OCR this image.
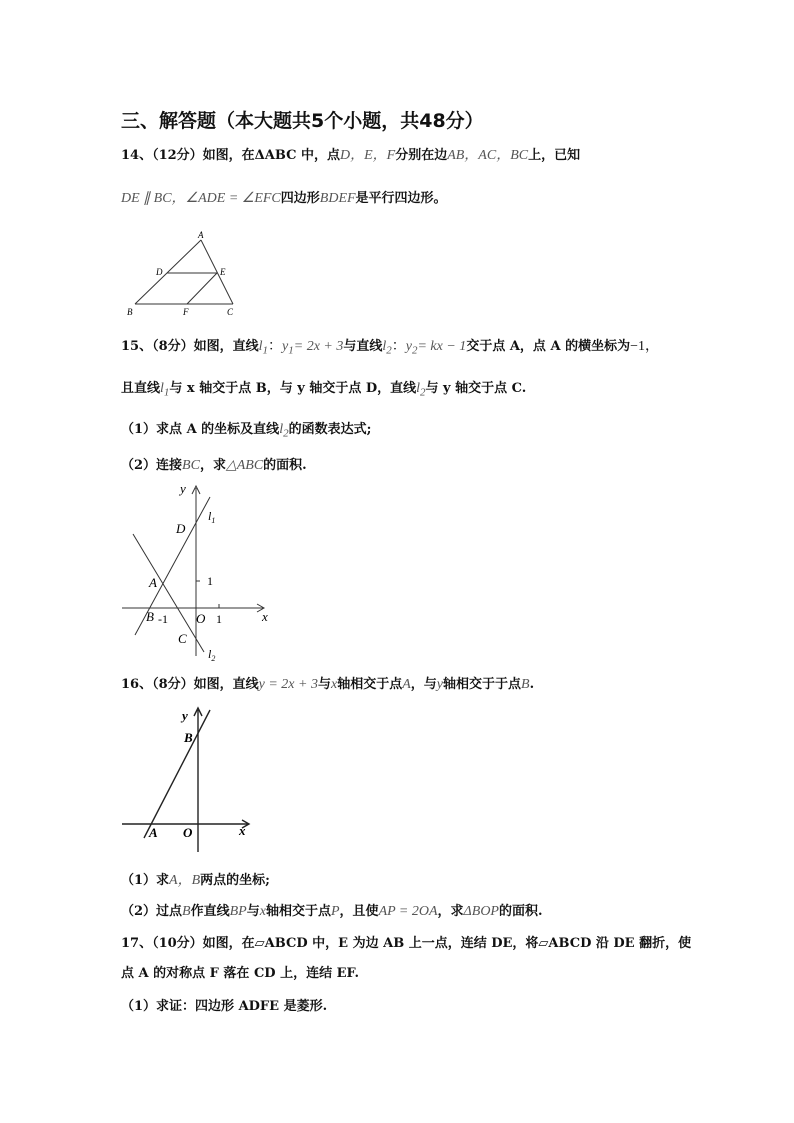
三、解答题（本大题共5个小题，共48分）
14、（12分）如图，在ΔABC 中，点D，E，F分别在边AB，AC，BC上，已知
DE ∥ BC，∠ADE = ∠EFC四边形BDEF是平行四边形。
A
B	C
D	E
F
15、（8分）如图，直线$l_1$：$y_1= 2x + 3$与直线$l_2$：$y_2=$ kx − 1交于点 A，点 A 的横坐标为−1，
且直线$l_1$与 x 轴交于点 B，与 y 轴交于点 D，直线$l_2$与 y 轴交于点 C.
（1）求点 A 的坐标及直线$l_2$的函数表达式;
（2）连接BC，求△ABC的面积.
y
x
D
$l_1$
A	1
B -1 O 1
C
$l_2$
16、（8分）如图，直线y = 2x + 3与x轴相交于点A，与y轴相交于于点B.
y
B
A O	x
（1）求A，B两点的坐标;
（2）过点B作直线BP与x轴相交于点P，且使AP = 2OA，求ΔBOP的面积.
17、（10分）如图，在▱ABCD 中，E 为边 AB 上一点，连结 DE，将▱ABCD 沿 DE 翻折，使
点 A 的对称点 F 落在 CD 上，连结 EF.
（1）求证：四边形 ADFE 是菱形.
